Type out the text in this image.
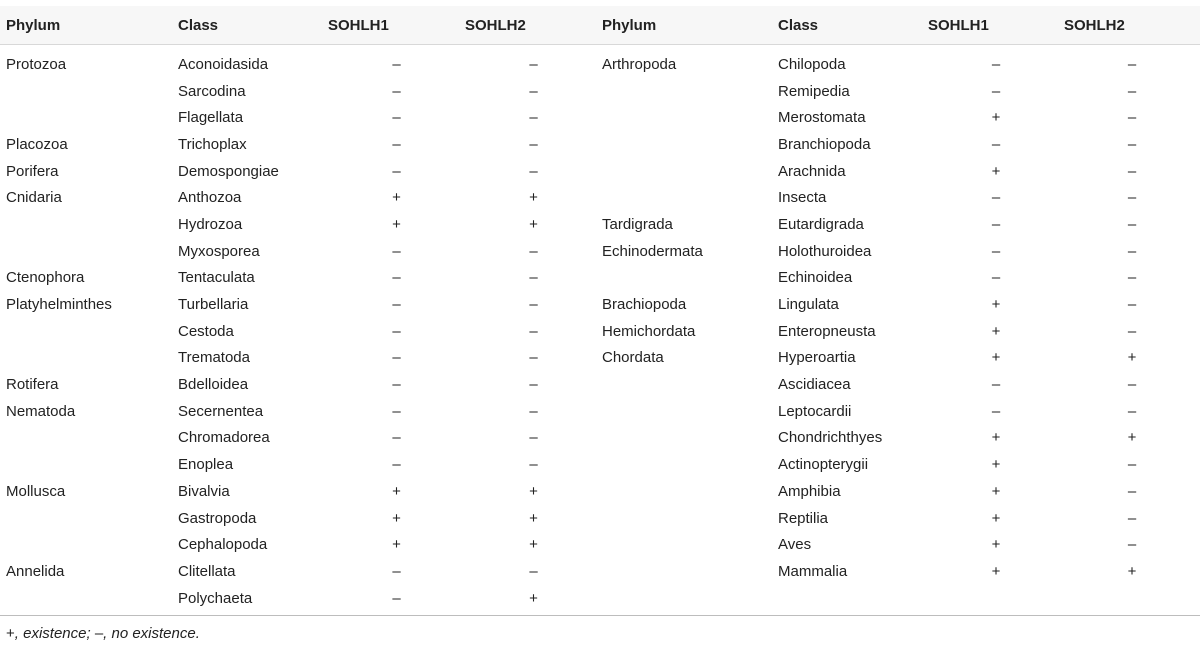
Phylum	Class	SOHLH1	SOHLH2	Phylum	Class	SOHLH1	SOHLH2
Protozoa	Aconoidasida	–	–	Arthropoda	Chilopoda	–	–
	Sarcodina	–	–		Remipedia	–	–
	Flagellata	–	–		Merostomata	+	–
Placozoa	Trichoplax	–	–		Branchiopoda	–	–
Porifera	Demospongiae	–	–		Arachnida	+	–
Cnidaria	Anthozoa	+	+		Insecta	–	–
	Hydrozoa	+	+	Tardigrada	Eutardigrada	–	–
	Myxosporea	–	–	Echinodermata	Holothuroidea	–	–
Ctenophora	Tentaculata	–	–		Echinoidea	–	–
Platyhelminthes	Turbellaria	–	–	Brachiopoda	Lingulata	+	–
	Cestoda	–	–	Hemichordata	Enteropneusta	+	–
	Trematoda	–	–	Chordata	Hyperoartia	+	+
Rotifera	Bdelloidea	–	–		Ascidiacea	–	–
Nematoda	Secernentea	–	–		Leptocardii	–	–
	Chromadorea	–	–		Chondrichthyes	+	+
	Enoplea	–	–		Actinopterygii	+	–
Mollusca	Bivalvia	+	+		Amphibia	+	–
	Gastropoda	+	+		Reptilia	+	–
	Cephalopoda	+	+		Aves	+	–
Annelida	Clitellata	–	–		Mammalia	+	+
	Polychaeta	–	+				
+, existence; –, no existence.
